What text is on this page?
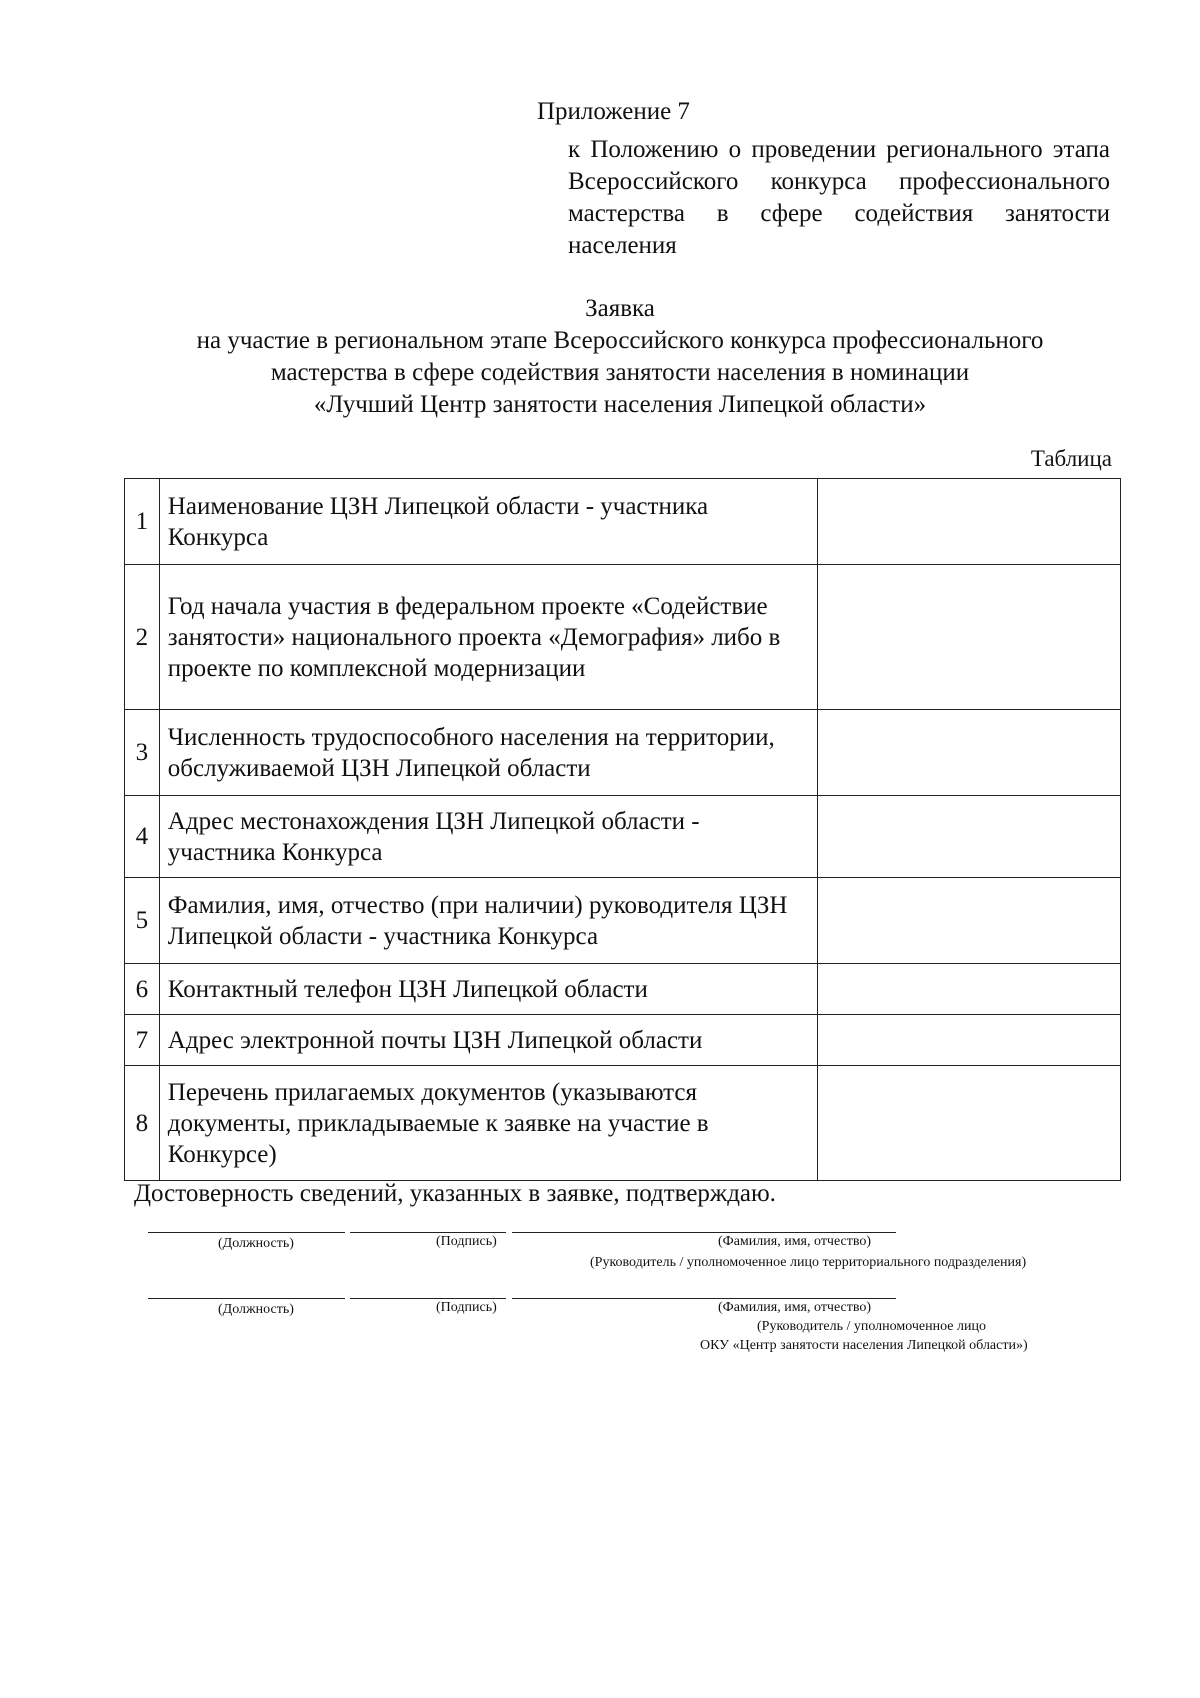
Приложение 7
к Положению о проведении регионального этапа Всероссийского конкурса профессионального мастерства в сфере содействия занятости населения
Заявка
на участие в региональном этапе Всероссийского конкурса профессионального
мастерства в сфере содействия занятости населения в номинации
«Лучший Центр занятости населения Липецкой области»
Таблица
1	Наименование ЦЗН Липецкой области - участника Конкурса	
2	Год начала участия в федеральном проекте «Содействие занятости» национального проекта «Демография» либо в проекте по комплексной модернизации	
3	Численность трудоспособного населения на территории, обслуживаемой ЦЗН Липецкой области	
4	Адрес местонахождения ЦЗН Липецкой области - участника Конкурса	
5	Фамилия, имя, отчество (при наличии) руководителя ЦЗН Липецкой области - участника Конкурса	
6	Контактный телефон ЦЗН Липецкой области	
7	Адрес электронной почты ЦЗН Липецкой области	
8	Перечень прилагаемых документов (указываются документы, прикладываемые к заявке на участие в Конкурсе)	
Достоверность сведений, указанных в заявке, подтверждаю.
(Должность)	(Подпись)	(Фамилия, имя, отчество)
(Руководитель / уполномоченное лицо территориального подразделения)
(Должность)	(Подпись)	(Фамилия, имя, отчество)
(Руководитель / уполномоченное лицо
ОКУ «Центр занятости населения Липецкой области»)
